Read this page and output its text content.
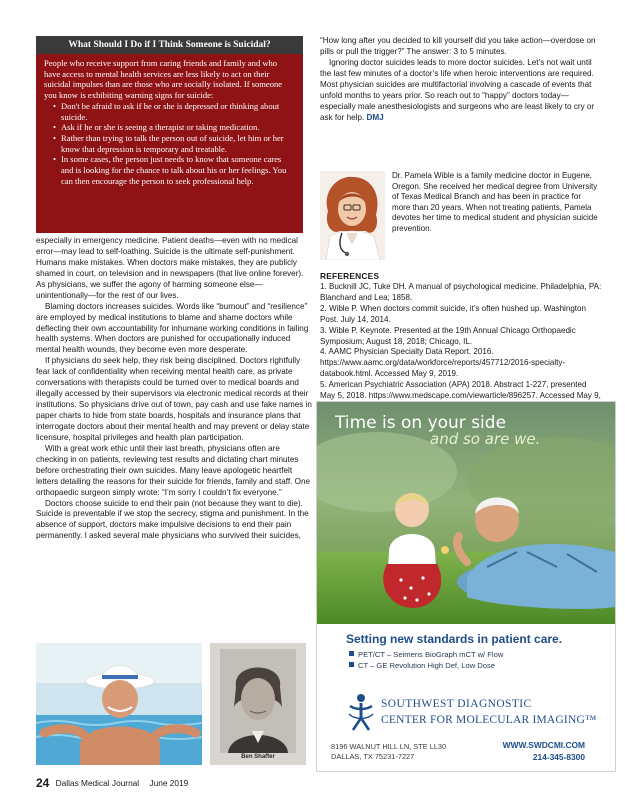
What Should I Do if I Think Someone is Suicidal?
People who receive support from caring friends and family and who have access to mental health services are less likely to act on their suicidal impulses than are those who are socially isolated. If someone you know is exhibiting warning signs for suicide:
• Don't be afraid to ask if he or she is depressed or thinking about suicide.
• Ask if he or she is seeing a therapist or taking medication.
• Rather than trying to talk the person out of suicide, let him or her know that depression is temporary and treatable.
• In some cases, the person just needs to know that someone cares and is looking for the chance to talk about his or her feelings. You can then encourage the person to seek professional help.

especially in emergency medicine. Patient deaths—even with no medical error—may lead to self-loathing. Suicide is the ultimate self-punishment. Humans make mistakes. When doctors make mistakes, they are publicly shamed in court, on television and in newspapers (that live online forever). As physicians, we suffer the agony of harming someone else—unintentionally—for the rest of our lives.

Blaming doctors increases suicides. Words like “burnout” and “resilience” are employed by medical institutions to blame and shame doctors while deflecting their own accountability for inhumane working conditions in failing health systems. When doctors are punished for occupationally induced mental health wounds, they become even more desperate.

If physicians do seek help, they risk being disciplined. Doctors rightfully fear lack of confidentiality when receiving mental health care, as private conversations with therapists could be turned over to medical boards and illegally accessed by their supervisors via electronic medical records at their institutions. So physicians drive out of town, pay cash and use fake names in paper charts to hide from state boards, hospitals and insurance plans that interrogate doctors about their mental health and may prevent or delay state licensure, hospital privileges and health plan participation.

With a great work ethic until their last breath, physicians often are checking in on patients, reviewing test results and dictating chart minutes before orchestrating their own suicides. Many leave apologetic heartfelt letters detailing the reasons for their suicide for friends, family and staff. One orthopaedic surgeon simply wrote: “I’m sorry I couldn’t fix everyone.”

Doctors choose suicide to end their pain (not because they want to die). Suicide is preventable if we stop the secrecy, stigma and punishment. In the absence of support, doctors make impulsive decisions to end their pain permanently. I asked several male physicians who survived their suicides,

“How long after you decided to kill yourself did you take action—overdose on pills or pull the trigger?” The answer: 3 to 5 minutes.

Ignoring doctor suicides leads to more doctor suicides. Let’s not wait until the last few minutes of a doctor’s life when heroic interventions are required. Most physician suicides are multifactorial involving a cascade of events that unfold months to years prior. So reach out to “happy” doctors today—especially male anesthesiologists and surgeons who are least likely to cry or ask for help. DMJ

Dr. Pamela Wible is a family medicine doctor in Eugene, Oregon. She received her medical degree from University of Texas Medical Branch and has been in practice for more than 20 years. When not treating patients, Pamela devotes her time to medical student and physician suicide prevention.
REFERENCES
1. Bucknill JC, Tuke DH. A manual of psychological medicine. Philadelphia, PA: Blanchard and Lea; 1858.
2. Wible P. When doctors commit suicide, it’s often hushed up. Washington Post. July 14, 2014.
3. Wible P. Keynote. Presented at the 19th Annual Chicago Orthopaedic Symposium; August 18, 2018; Chicago, IL.
4. AAMC Physician Specialty Data Report. 2016. https://www.aamc.org/data/workforce/reports/457712/2016-specialty-databook.html. Accessed May 9, 2019.
5. American Psychiatric Association (APA) 2018. Abstract 1-227, presented May 5, 2018. https://www.medscape.com/viewarticle/896257. Accessed May 9,
Time is on your side
and so are we.
Setting new standards in patient care.
PET/CT – Seimens BioGraph mCT w/ Flow
CT – GE Revolution High Def, Low Dose
SOUTHWEST DIAGNOSTIC
CENTER FOR MOLECULAR IMAGING™
8196 WALNUT HILL LN, STE LL30
DALLAS, TX 75231-7227
WWW.SWDCMI.COM
214-345-8300
Ben Shaffer
24 Dallas Medical Journal June 2019
